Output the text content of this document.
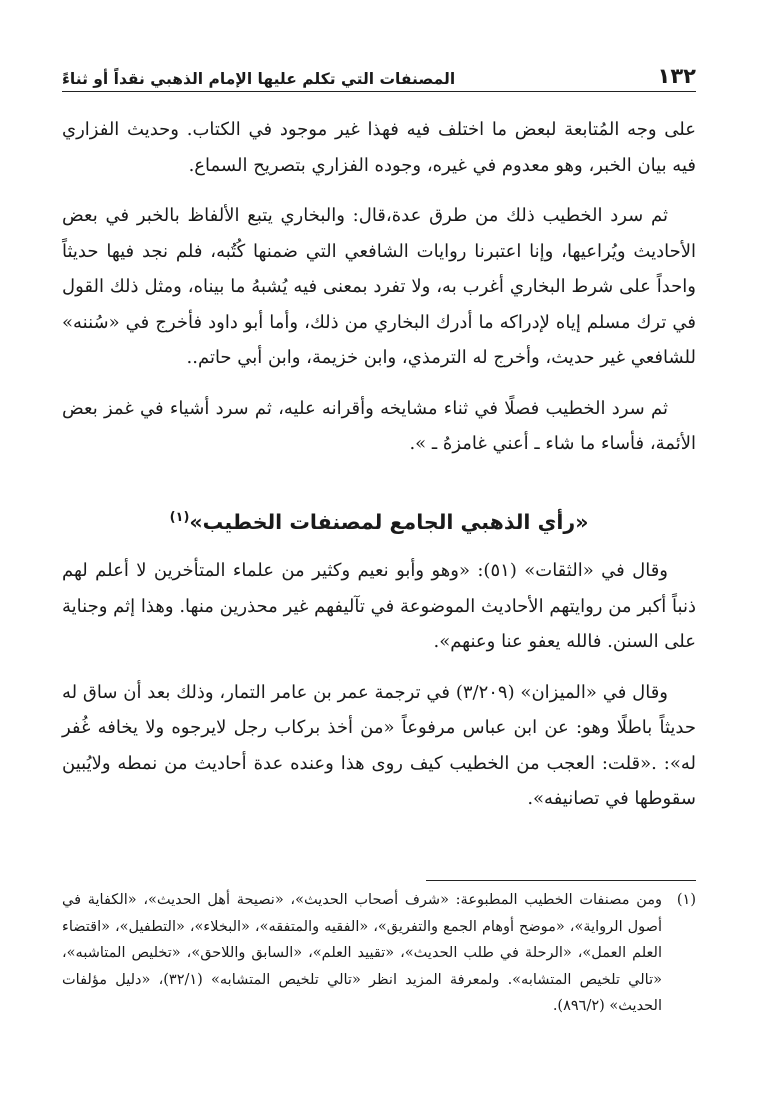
١٣٢
المصنفات التي تكلم عليها الإمام الذهبي نقداً أو ثناءً

على وجه المُتابعة لبعض ما اختلف فيه فهذا غير موجود في الكتاب. وحديث الفزاري فيه بيان الخبر، وهو معدوم في غيره، وجوده الفزاري بتصريح السماع.

ثم سرد الخطيب ذلك من طرق عدة،قال: والبخاري يتبع الألفاظ بالخبر في بعض الأحاديث ويُراعيها، وإنا اعتبرنا روايات الشافعي التي ضمنها كُتُبه، فلم نجد فيها حديثاً واحداً على شرط البخاري أغرب به، ولا تفرد بمعنى فيه يُشبهُ ما بيناه، ومثل ذلك القول في ترك مسلم إياه لإدراكه ما أدرك البخاري من ذلك، وأما أبو داود فأخرج في «سُننه» للشافعي غير حديث، وأخرج له الترمذي، وابن خزيمة، وابن أبي حاتم..

ثم سرد الخطيب فصلًا في ثناء مشايخه وأقرانه عليه، ثم سرد أشياء في غمز بعض الأئمة، فأساء ما شاء ـ أعني غامزهُ ـ ».

«رأي الذهبي الجامع لمصنفات الخطيب»$^{(١)}$

وقال في «الثقات» (٥١): «وهو وأبو نعيم وكثير من علماء المتأخرين لا أعلم لهم ذنباً أكبر من روايتهم الأحاديث الموضوعة في تآليفهم غير محذرين منها. وهذا إثم وجناية على السنن. فالله يعفو عنا وعنهم».

وقال في «الميزان» (٣/٢٠٩) في ترجمة عمر بن عامر التمار، وذلك بعد أن ساق له حديثاً باطلًا وهو: عن ابن عباس مرفوعاً «من أخذ بركاب رجل لايرجوه ولا يخافه غُفر له»: .«قلت: العجب من الخطيب كيف روى هذا وعنده عدة أحاديث من نمطه ولايُبين سقوطها في تصانيفه».

(١)
ومن مصنفات الخطيب المطبوعة: «شرف أصحاب الحديث»، «نصيحة أهل الحديث»، «الكفاية في أصول الرواية»، «موضح أوهام الجمع والتفريق»، «الفقيه والمتفقه»، «البخلاء»، «التطفيل»، «اقتضاء العلم العمل»، «الرحلة في طلب الحديث»، «تقييد العلم»، «السابق واللاحق»، «تخليص المتاشبه»، «تالي تلخيص المتشابه». ولمعرفة المزيد انظر «تالي تلخيص المتشابه» (٣٢/١)، «دليل مؤلفات الحديث» (٨٩٦/٢).
